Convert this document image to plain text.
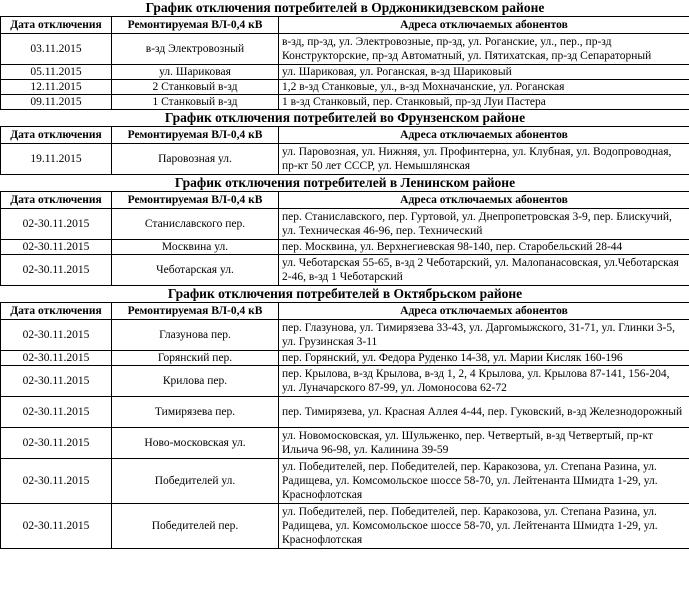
График отключения потребителей в Орджоникидзевском районе		
Дата отключения	Ремонтируемая ВЛ-0,4 кВ	Адреса отключаемых абонентов
03.11.2015	в-зд Электровозный	в-зд, пр-зд, ул. Электровозные, пр-зд, ул. Роганские, ул., пер., пр-зд Конструкторские, пр-зд Автоматный, ул. Пятихатская, пр-зд Сепараторный
05.11.2015	ул. Шариковая	ул. Шариковая, ул. Роганская, в-зд Шариковый
12.11.2015	2 Станковый в-зд	1,2 в-зд Станковые, ул., в-зд Мохначанские, ул. Роганская
09.11.2015	1 Станковый в-зд	1 в-зд Станковый, пер. Станковый, пр-зд Луи Пастера
График отключения потребителей во Фрунзенском районе		
Дата отключения	Ремонтируемая ВЛ-0,4 кВ	Адреса отключаемых абонентов
19.11.2015	Паровозная ул.	ул. Паровозная, ул. Нижняя, ул. Профинтерна, ул. Клубная, ул. Водопроводная, пр-кт 50 лет СССР, ул. Немышлянская
График отключения потребителей в Ленинском районе		
Дата отключения	Ремонтируемая ВЛ-0,4 кВ	Адреса отключаемых абонентов
02-30.11.2015	Станиславского пер.	пер. Станиславского, пер. Гуртовой, ул. Днепропетровская 3-9, пер. Блискучий, ул. Техническая 46-96, пер. Технический
02-30.11.2015	Москвина ул.	пер. Москвина, ул. Верхнегиевская 98-140, пер. Старобельский 28-44
02-30.11.2015	Чеботарская ул.	ул. Чеботарская 55-65, в-зд 2 Чеботарский, ул. Малопанасовская, ул.Чеботарская 2-46, в-зд 1 Чеботарский
График отключения потребителей в Октябрьском районе		
Дата отключения	Ремонтируемая ВЛ-0,4 кВ	Адреса отключаемых абонентов
02-30.11.2015	Глазунова пер.	пер. Глазунова, ул. Тимирязева 33-43, ул. Даргомыжского, 31-71, ул. Глинки 3-5, ул. Грузинская 3-11
02-30.11.2015	Горянский пер.	пер. Горянский, ул. Федора Руденко 14-38, ул. Марии Кисляк 160-196
02-30.11.2015	Крилова пер.	пер. Крылова, в-зд Крылова, в-зд 1, 2, 4 Крылова, ул. Крылова 87-141, 156-204, ул. Луначарского 87-99, ул. Ломоносова 62-72
02-30.11.2015	Тимирязева пер.	пер. Тимирязева, ул. Красная Аллея 4-44, пер. Гуковский, в-зд Железнодорожный
02-30.11.2015	Ново-московская ул.	ул. Новомосковская, ул. Шульженко, пер. Четвертый, в-зд Четвертый, пр-кт Ильича 96-98, ул. Калинина 39-59
02-30.11.2015	Победителей ул.	ул. Победителей, пер. Победителей, пер. Каракозова, ул. Степана Разина, ул. Радищева, ул. Комсомольское шоссе 58-70, ул. Лейтенанта Шмидта 1-29, ул. Краснофлотская
02-30.11.2015	Победителей пер.	ул. Победителей, пер. Победителей, пер. Каракозова, ул. Степана Разина, ул. Радищева, ул. Комсомольское шоссе 58-70, ул. Лейтенанта Шмидта 1-29, ул. Краснофлотская
